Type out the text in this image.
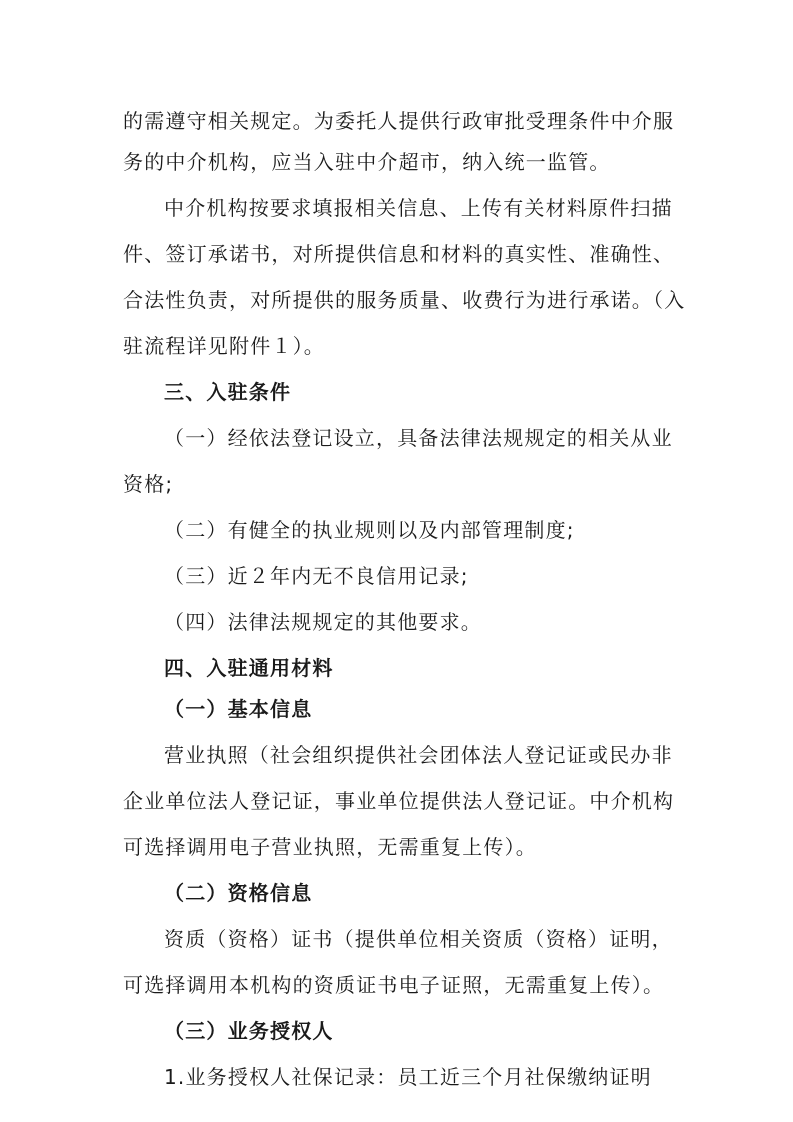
的需遵守相关规定。为委托人提供行政审批受理条件中介服
务的中介机构，应当入驻中介超市，纳入统一监管。
中介机构按要求填报相关信息、上传有关材料原件扫描
件、签订承诺书，对所提供信息和材料的真实性、准确性、
合法性负责，对所提供的服务质量、收费行为进行承诺。（入
驻流程详见附件１）。
三、入驻条件
（一）经依法登记设立，具备法律法规规定的相关从业
资格;
（二）有健全的执业规则以及内部管理制度;
（三）近２年内无不良信用记录;
（四）法律法规规定的其他要求。
四、入驻通用材料
（一）基本信息
营业执照（社会组织提供社会团体法人登记证或民办非
企业单位法人登记证，事业单位提供法人登记证。中介机构
可选择调用电子营业执照，无需重复上传）。
（二）资格信息
资质（资格）证书（提供单位相关资质（资格）证明，
可选择调用本机构的资质证书电子证照，无需重复上传）。
（三）业务授权人
1.业务授权人社保记录：员工近三个月社保缴纳证明
